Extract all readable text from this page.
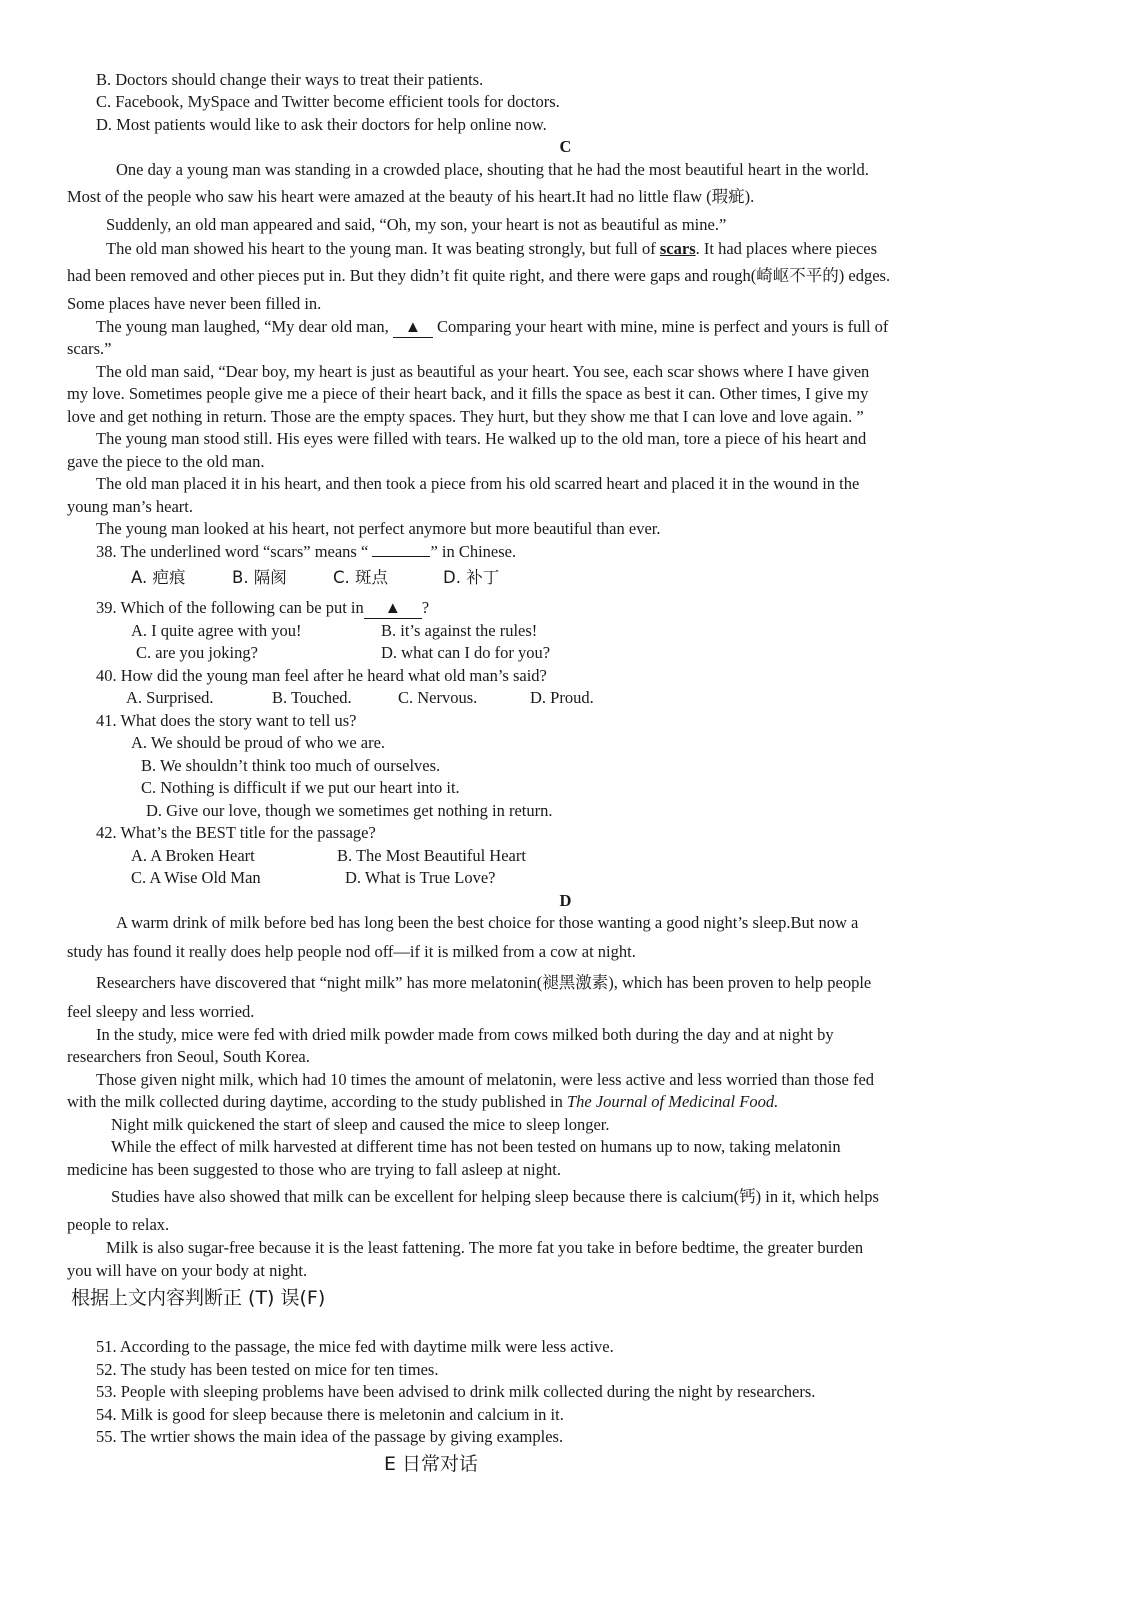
B. Doctors should change their ways to treat their patients.
C. Facebook, MySpace and Twitter become efficient tools for doctors.
D. Most patients would like to ask their doctors for help online now.
C
One day a young man was standing in a crowded place, shouting that he had the most beautiful heart in the world.
Most of the people who saw his heart were amazed at the beauty of his heart.It had no little flaw (瑕疵).
Suddenly, an old man appeared and said, “Oh, my son, your heart is not as beautiful as mine.”
The old man showed his heart to the young man. It was beating strongly, but full of scars. It had places where pieces
had been removed and other pieces put in. But they didn’t fit quite right, and there were gaps and rough(崎岖不平的) edges.
Some places have never been filled in.
The young man laughed, “My dear old man, ▲ Comparing your heart with mine, mine is perfect and yours is full of
scars.”
The old man said, “Dear boy, my heart is just as beautiful as your heart. You see, each scar shows where I have given
my love. Sometimes people give me a piece of their heart back, and it fills the space as best it can. Other times, I give my
love and get nothing in return. Those are the empty spaces. They hurt, but they show me that I can love and love again. ”
The young man stood still. His eyes were filled with tears. He walked up to the old man, tore a piece of his heart and
gave the piece to the old man.
The old man placed it in his heart, and then took a piece from his old scarred heart and placed it in the wound in the
young man’s heart.
The young man looked at his heart, not perfect anymore but more beautiful than ever.
38. The underlined word “scars” means “	” in Chinese.
A. 疤痕	B. 隔阂	C. 斑点	D. 补丁
39. Which of the following can be put in ▲ ?
A. I quite agree with you!	B. it’s against the rules!
C. are you joking?	D. what can I do for you?
40. How did the young man feel after he heard what old man’s said?
A. Surprised.	B. Touched.	C. Nervous.	D. Proud.
41. What does the story want to tell us?
A. We should be proud of who we are.
B. We shouldn’t think too much of ourselves.
C. Nothing is difficult if we put our heart into it.
D. Give our love, though we sometimes get nothing in return.
42. What’s the BEST title for the passage?
A. A Broken Heart	B. The Most Beautiful Heart
C. A Wise Old Man	D. What is True Love?
D
A warm drink of milk before bed has long been the best choice for those wanting a good night’s sleep.But now a
study has found it really does help people nod off—if it is milked from a cow at night.
Researchers have discovered that “night milk” has more melatonin(褪黑激素), which has been proven to help people
feel sleepy and less worried.
In the study, mice were fed with dried milk powder made from cows milked both during the day and at night by
researchers fron Seoul, South Korea.
Those given night milk, which had 10 times the amount of melatonin, were less active and less worried than those fed
with the milk collected during daytime, according to the study published in The Journal of Medicinal Food.
Night milk quickened the start of sleep and caused the mice to sleep longer.
While the effect of milk harvested at different time has not been tested on humans up to now, taking melatonin
medicine has been suggested to those who are trying to fall asleep at night.
Studies have also showed that milk can be excellent for helping sleep because there is calcium(钙) in it, which helps
people to relax.
Milk is also sugar-free because it is the least fattening. The more fat you take in before bedtime, the greater burden
you will have on your body at night.
根据上文内容判断正 (T) 误(F)
51. According to the passage, the mice fed with daytime milk were less active.
52. The study has been tested on mice for ten times.
53. People with sleeping problems have been advised to drink milk collected during the night by researchers.
54. Milk is good for sleep because there is meletonin and calcium in it.
55. The wrtier shows the main idea of the passage by giving examples.
E 日常对话
